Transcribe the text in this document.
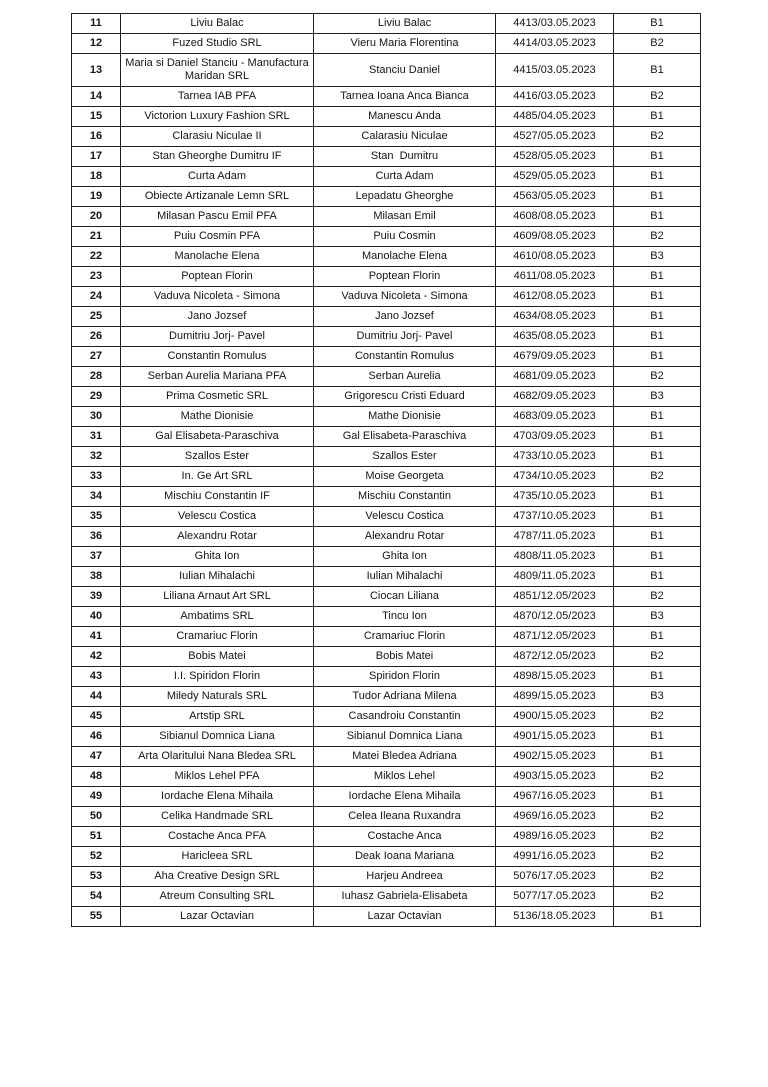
11	Liviu Balac	Liviu Balac	4413/03.05.2023	B1
12	Fuzed Studio SRL	Vieru Maria Florentina	4414/03.05.2023	B2
13	Maria si Daniel Stanciu - Manufactura Maridan SRL	Stanciu Daniel	4415/03.05.2023	B1
14	Tarnea IAB PFA	Tarnea Ioana Anca Bianca	4416/03.05.2023	B2
15	Victorion Luxury Fashion SRL	Manescu Anda	4485/04.05.2023	B1
16	Clarasiu Niculae II	Calarasiu Niculae	4527/05.05.2023	B2
17	Stan Gheorghe Dumitru IF	Stan  Dumitru	4528/05.05.2023	B1
18	Curta Adam	Curta Adam	4529/05.05.2023	B1
19	Obiecte Artizanale Lemn SRL	Lepadatu Gheorghe	4563/05.05.2023	B1
20	Milasan Pascu Emil PFA	Milasan Emil	4608/08.05.2023	B1
21	Puiu Cosmin PFA	Puiu Cosmin	4609/08.05.2023	B2
22	Manolache Elena	Manolache Elena	4610/08.05.2023	B3
23	Poptean Florin	Poptean Florin	4611/08.05.2023	B1
24	Vaduva Nicoleta - Simona	Vaduva Nicoleta - Simona	4612/08.05.2023	B1
25	Jano Jozsef	Jano Jozsef	4634/08.05.2023	B1
26	Dumitriu Jorj- Pavel	Dumitriu Jorj- Pavel	4635/08.05.2023	B1
27	Constantin Romulus	Constantin Romulus	4679/09.05.2023	B1
28	Serban Aurelia Mariana PFA	Serban Aurelia	4681/09.05.2023	B2
29	Prima Cosmetic SRL	Grigorescu Cristi Eduard	4682/09.05.2023	B3
30	Mathe Dionisie	Mathe Dionisie	4683/09.05.2023	B1
31	Gal Elisabeta-Paraschiva	Gal Elisabeta-Paraschiva	4703/09.05.2023	B1
32	Szallos Ester	Szallos Ester	4733/10.05.2023	B1
33	In. Ge Art SRL	Moise Georgeta	4734/10.05.2023	B2
34	Mischiu Constantin IF	Mischiu Constantin	4735/10.05.2023	B1
35	Velescu Costica	Velescu Costica	4737/10.05.2023	B1
36	Alexandru Rotar	Alexandru Rotar	4787/11.05.2023	B1
37	Ghita Ion	Ghita Ion	4808/11.05.2023	B1
38	Iulian Mihalachi	Iulian Mihalachi	4809/11.05.2023	B1
39	Liliana Arnaut Art SRL	Ciocan Liliana	4851/12.05/2023	B2
40	Ambatims SRL	Tincu Ion	4870/12.05/2023	B3
41	Cramariuc Florin	Cramariuc Florin	4871/12.05/2023	B1
42	Bobis Matei	Bobis Matei	4872/12.05/2023	B2
43	I.I. Spiridon Florin	Spiridon Florin	4898/15.05.2023	B1
44	Miledy Naturals SRL	Tudor Adriana Milena	4899/15.05.2023	B3
45	Artstip SRL	Casandroiu Constantin	4900/15.05.2023	B2
46	Sibianul Domnica Liana	Sibianul Domnica Liana	4901/15.05.2023	B1
47	Arta Olaritului Nana Bledea SRL	Matei Bledea Adriana	4902/15.05.2023	B1
48	Miklos Lehel PFA	Miklos Lehel	4903/15.05.2023	B2
49	Iordache Elena Mihaila	Iordache Elena Mihaila	4967/16.05.2023	B1
50	Celika Handmade SRL	Celea Ileana Ruxandra	4969/16.05.2023	B2
51	Costache Anca PFA	Costache Anca	4989/16.05.2023	B2
52	Haricleea SRL	Deak Ioana Mariana	4991/16.05.2023	B2
53	Aha Creative Design SRL	Harjeu Andreea	5076/17.05.2023	B2
54	Atreum Consulting SRL	Iuhasz Gabriela-Elisabeta	5077/17.05.2023	B2
55	Lazar Octavian	Lazar Octavian	5136/18.05.2023	B1
